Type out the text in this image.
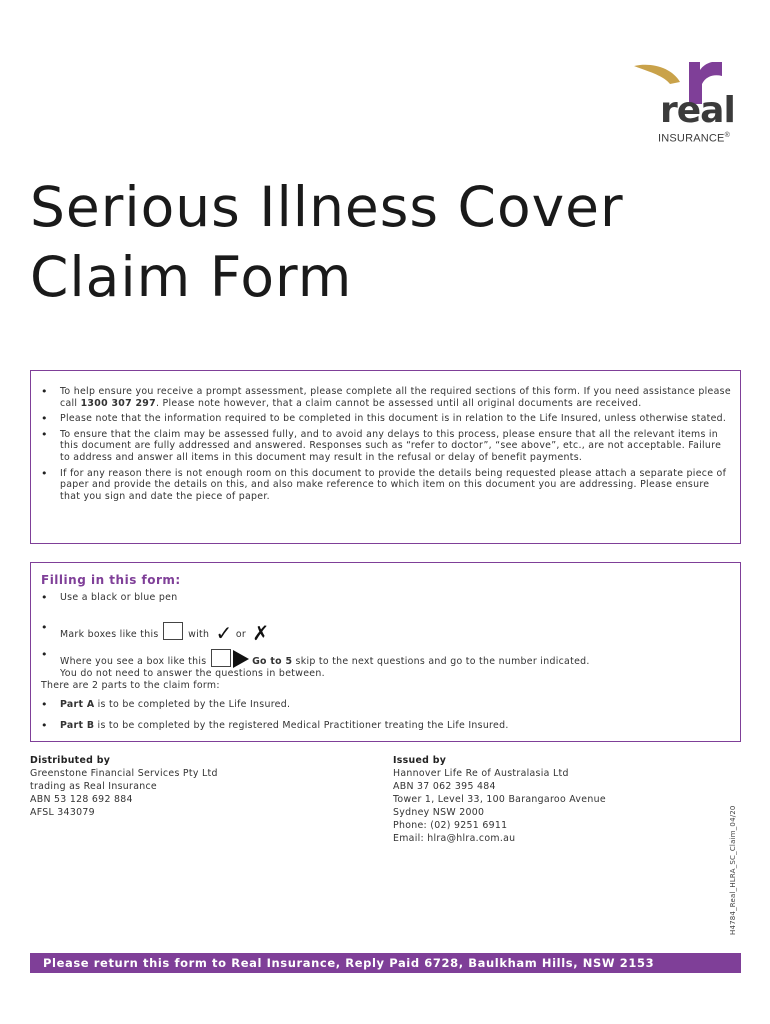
real
INSURANCE®
Serious Illness Cover
Claim Form
• To help ensure you receive a prompt assessment, please complete all the required sections of this form. If you need assistance please call 1300 307 297. Please note however, that a claim cannot be assessed until all original documents are received.
• Please note that the information required to be completed in this document is in relation to the Life Insured, unless otherwise stated.
• To ensure that the claim may be assessed fully, and to avoid any delays to this process, please ensure that all the relevant items in this document are fully addressed and answered. Responses such as “refer to doctor”, “see above”, etc., are not acceptable. Failure to address and answer all items in this document may result in the refusal or delay of benefit payments.
• If for any reason there is not enough room on this document to provide the details being requested please attach a separate piece of paper and provide the details on this, and also make reference to which item on this document you are addressing. Please ensure that you sign and date the piece of paper.
Filling in this form:
• Use a black or blue pen
• Mark boxes like this	with ✓ or ✗
• Where you see a box like this	Go to 5 skip to the next questions and go to the number indicated.
You do not need to answer the questions in between.
There are 2 parts to the claim form:
• Part A is to be completed by the Life Insured.
• Part B is to be completed by the registered Medical Practitioner treating the Life Insured.
Distributed by
Greenstone Financial Services Pty Ltd
trading as Real Insurance
ABN 53 128 692 884
AFSL 343079
Issued by
Hannover Life Re of Australasia Ltd
ABN 37 062 395 484
Tower 1, Level 33, 100 Barangaroo Avenue
Sydney NSW 2000
Phone: (02) 9251 6911
Email: hlra@hlra.com.au	H4784_Real_HLRA_SC_Claim_04/20
Please return this form to Real Insurance, Reply Paid 6728, Baulkham Hills, NSW 2153
